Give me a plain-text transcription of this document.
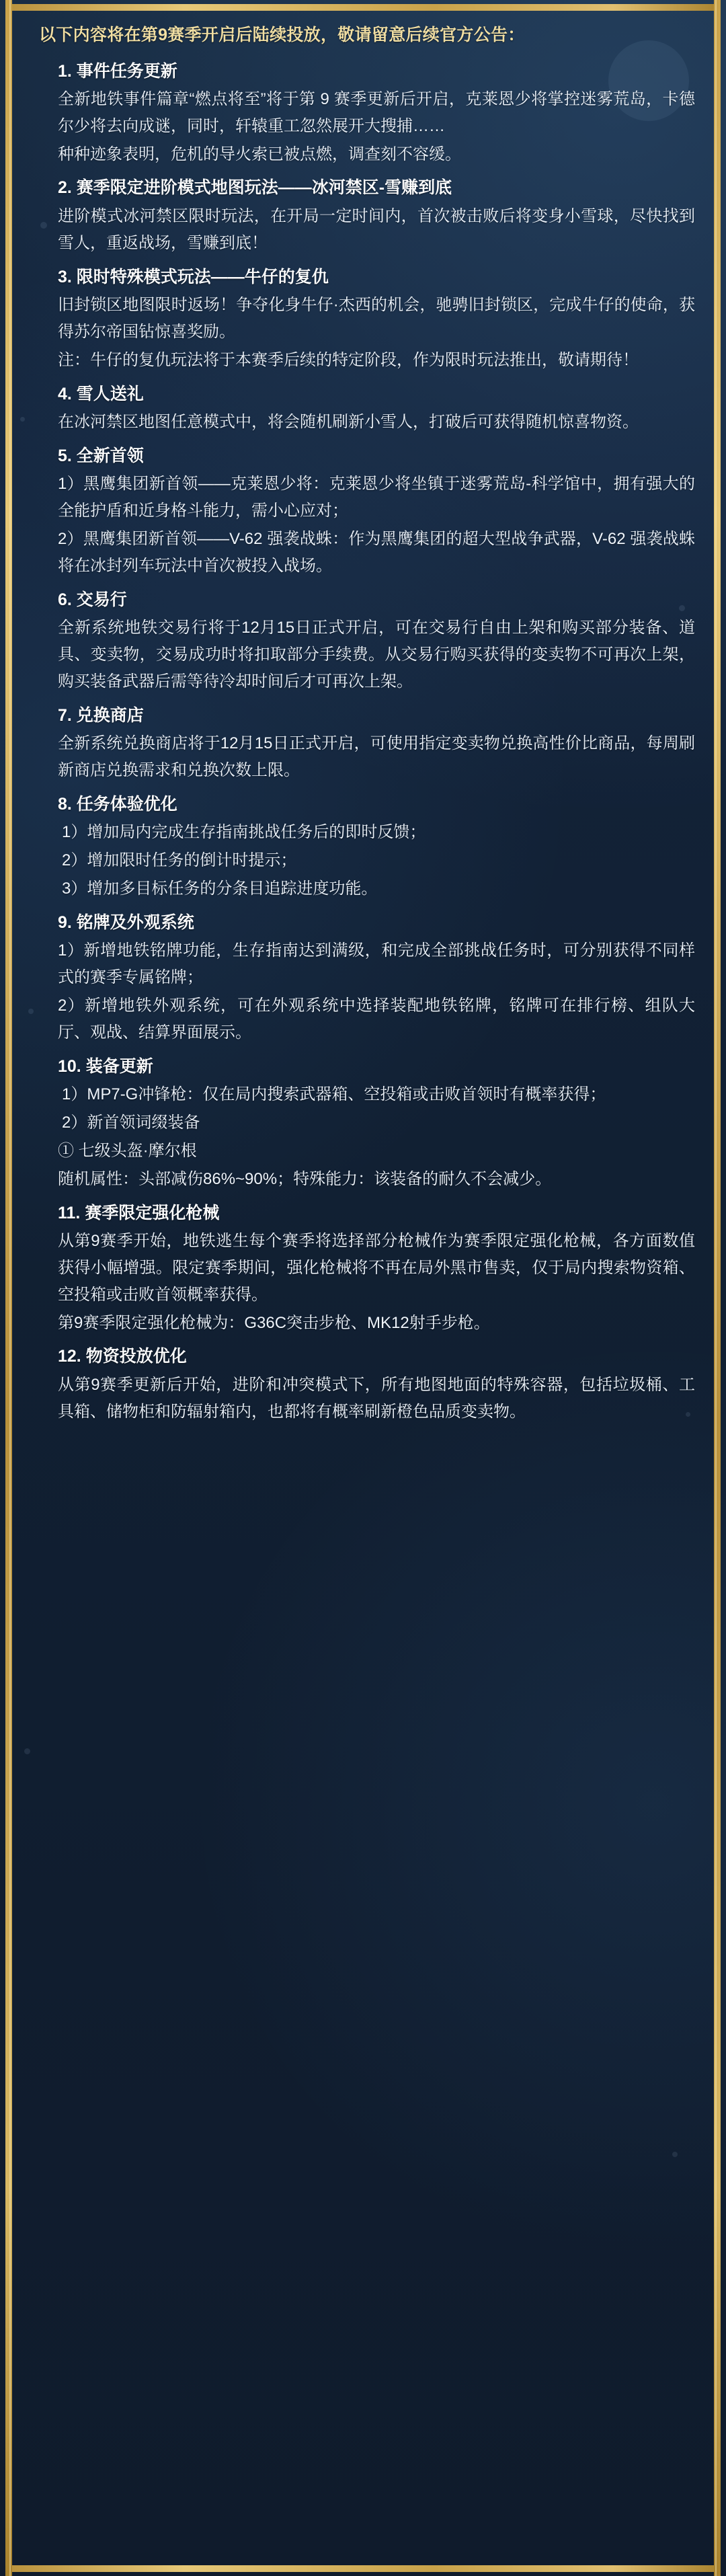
以下内容将在第9赛季开启后陆续投放，敬请留意后续官方公告：

1. 事件任务更新

全新地铁事件篇章“燃点将至”将于第 9 赛季更新后开启，克莱恩少将掌控迷雾荒岛，卡德尔少将去向成谜，同时，轩辕重工忽然展开大搜捕……

种种迹象表明，危机的导火索已被点燃，调查刻不容缓。

2. 赛季限定进阶模式地图玩法——冰河禁区-雪赚到底

进阶模式冰河禁区限时玩法，在开局一定时间内，首次被击败后将变身小雪球，尽快找到雪人，重返战场，雪赚到底！

3. 限时特殊模式玩法——牛仔的复仇

旧封锁区地图限时返场！争夺化身牛仔·杰西的机会，驰骋旧封锁区，完成牛仔的使命，获得苏尔帝国钻惊喜奖励。

注：牛仔的复仇玩法将于本赛季后续的特定阶段，作为限时玩法推出，敬请期待！

4. 雪人送礼

在冰河禁区地图任意模式中，将会随机刷新小雪人，打破后可获得随机惊喜物资。

5. 全新首领

1）黑鹰集团新首领——克莱恩少将：克莱恩少将坐镇于迷雾荒岛-科学馆中，拥有强大的全能护盾和近身格斗能力，需小心应对；

2）黑鹰集团新首领——V-62 强袭战蛛：作为黑鹰集团的超大型战争武器，V-62 强袭战蛛将在冰封列车玩法中首次被投入战场。

6. 交易行

全新系统地铁交易行将于12月15日正式开启，可在交易行自由上架和购买部分装备、道具、变卖物，交易成功时将扣取部分手续费。从交易行购买获得的变卖物不可再次上架，购买装备武器后需等待冷却时间后才可再次上架。

7. 兑换商店

全新系统兑换商店将于12月15日正式开启，可使用指定变卖物兑换高性价比商品，每周刷新商店兑换需求和兑换次数上限。

8. 任务体验优化

1）增加局内完成生存指南挑战任务后的即时反馈；

2）增加限时任务的倒计时提示；

3）增加多目标任务的分条目追踪进度功能。

9. 铭牌及外观系统

1）新增地铁铭牌功能，生存指南达到满级，和完成全部挑战任务时，可分别获得不同样式的赛季专属铭牌；

2）新增地铁外观系统，可在外观系统中选择装配地铁铭牌，铭牌可在排行榜、组队大厅、观战、结算界面展示。

10. 装备更新

1）MP7-G冲锋枪：仅在局内搜索武器箱、空投箱或击败首领时有概率获得；

2）新首领词缀装备

① 七级头盔·摩尔根

随机属性：头部减伤86%~90%；特殊能力：该装备的耐久不会减少。

11. 赛季限定强化枪械

从第9赛季开始，地铁逃生每个赛季将选择部分枪械作为赛季限定强化枪械，各方面数值获得小幅增强。限定赛季期间，强化枪械将不再在局外黑市售卖，仅于局内搜索物资箱、空投箱或击败首领概率获得。

第9赛季限定强化枪械为：G36C突击步枪、MK12射手步枪。

12. 物资投放优化

从第9赛季更新后开始，进阶和冲突模式下，所有地图地面的特殊容器，包括垃圾桶、工具箱、储物柜和防辐射箱内，也都将有概率刷新橙色品质变卖物。
